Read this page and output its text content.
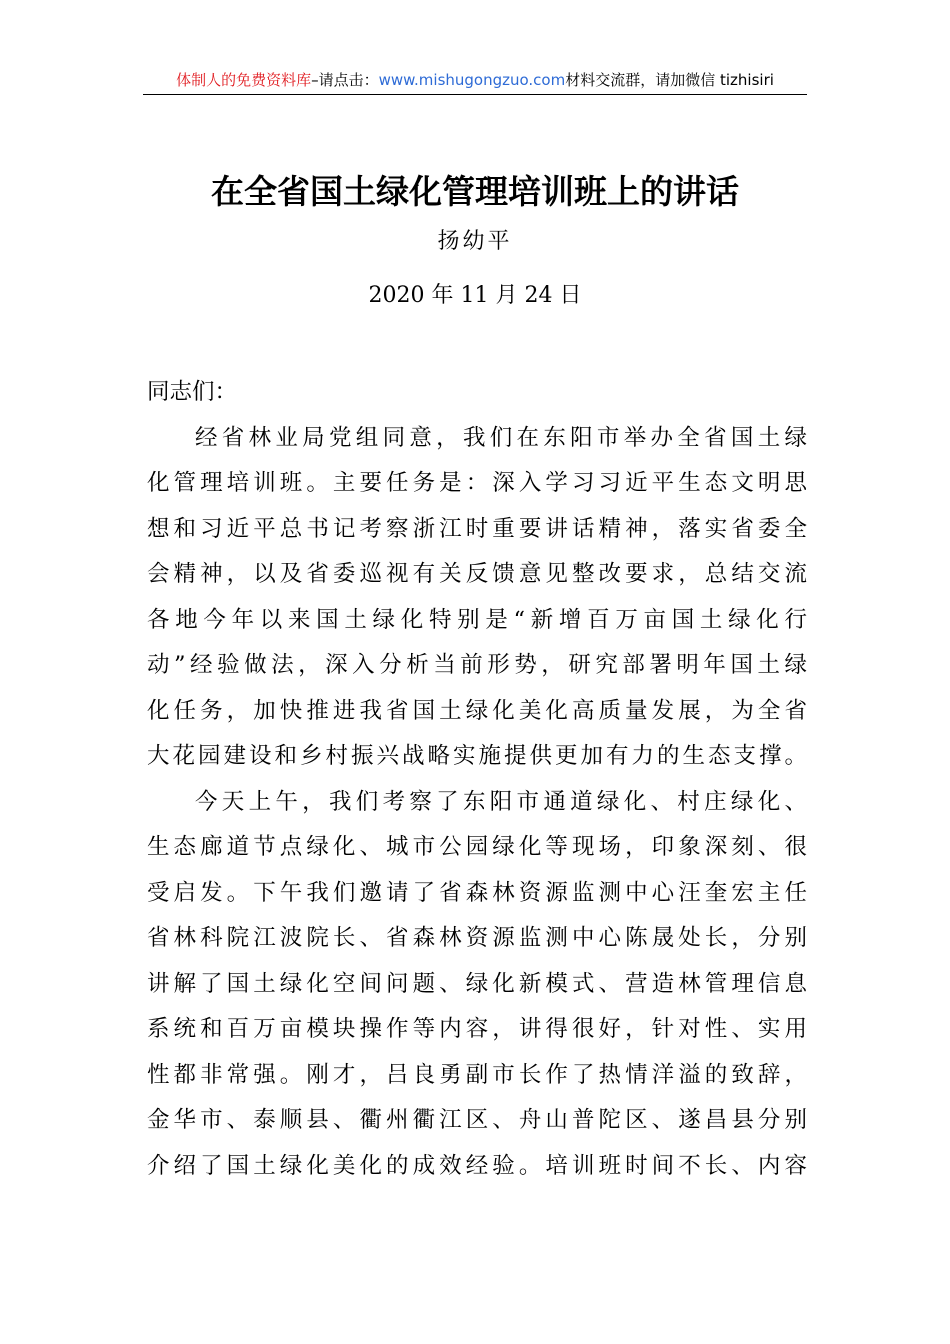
体制人的免费资料库–请点击：www.mishugongzuo.com材料交流群，请加微信 tizhisiri
在全省国土绿化管理培训班上的讲话
扬幼平
2020 年 11 月 24 日
同志们：
经省林业局党组同意，我们在东阳市举办全省国土绿
化管理培训班。主要任务是：深入学习习近平生态文明思
想和习近平总书记考察浙江时重要讲话精神，落实省委全
会精神，以及省委巡视有关反馈意见整改要求，总结交流
各地今年以来国土绿化特别是“新增百万亩国土绿化行
动”经验做法，深入分析当前形势，研究部署明年国土绿
化任务，加快推进我省国土绿化美化高质量发展，为全省
大花园建设和乡村振兴战略实施提供更加有力的生态支撑。
今天上午，我们考察了东阳市通道绿化、村庄绿化、
生态廊道节点绿化、城市公园绿化等现场，印象深刻、很
受启发。下午我们邀请了省森林资源监测中心汪奎宏主任
省林科院江波院长、省森林资源监测中心陈晟处长，分别
讲解了国土绿化空间问题、绿化新模式、营造林管理信息
系统和百万亩模块操作等内容，讲得很好，针对性、实用
性都非常强。刚才，吕良勇副市长作了热情洋溢的致辞，
金华市、泰顺县、衢州衢江区、舟山普陀区、遂昌县分别
介绍了国土绿化美化的成效经验。培训班时间不长、内容
